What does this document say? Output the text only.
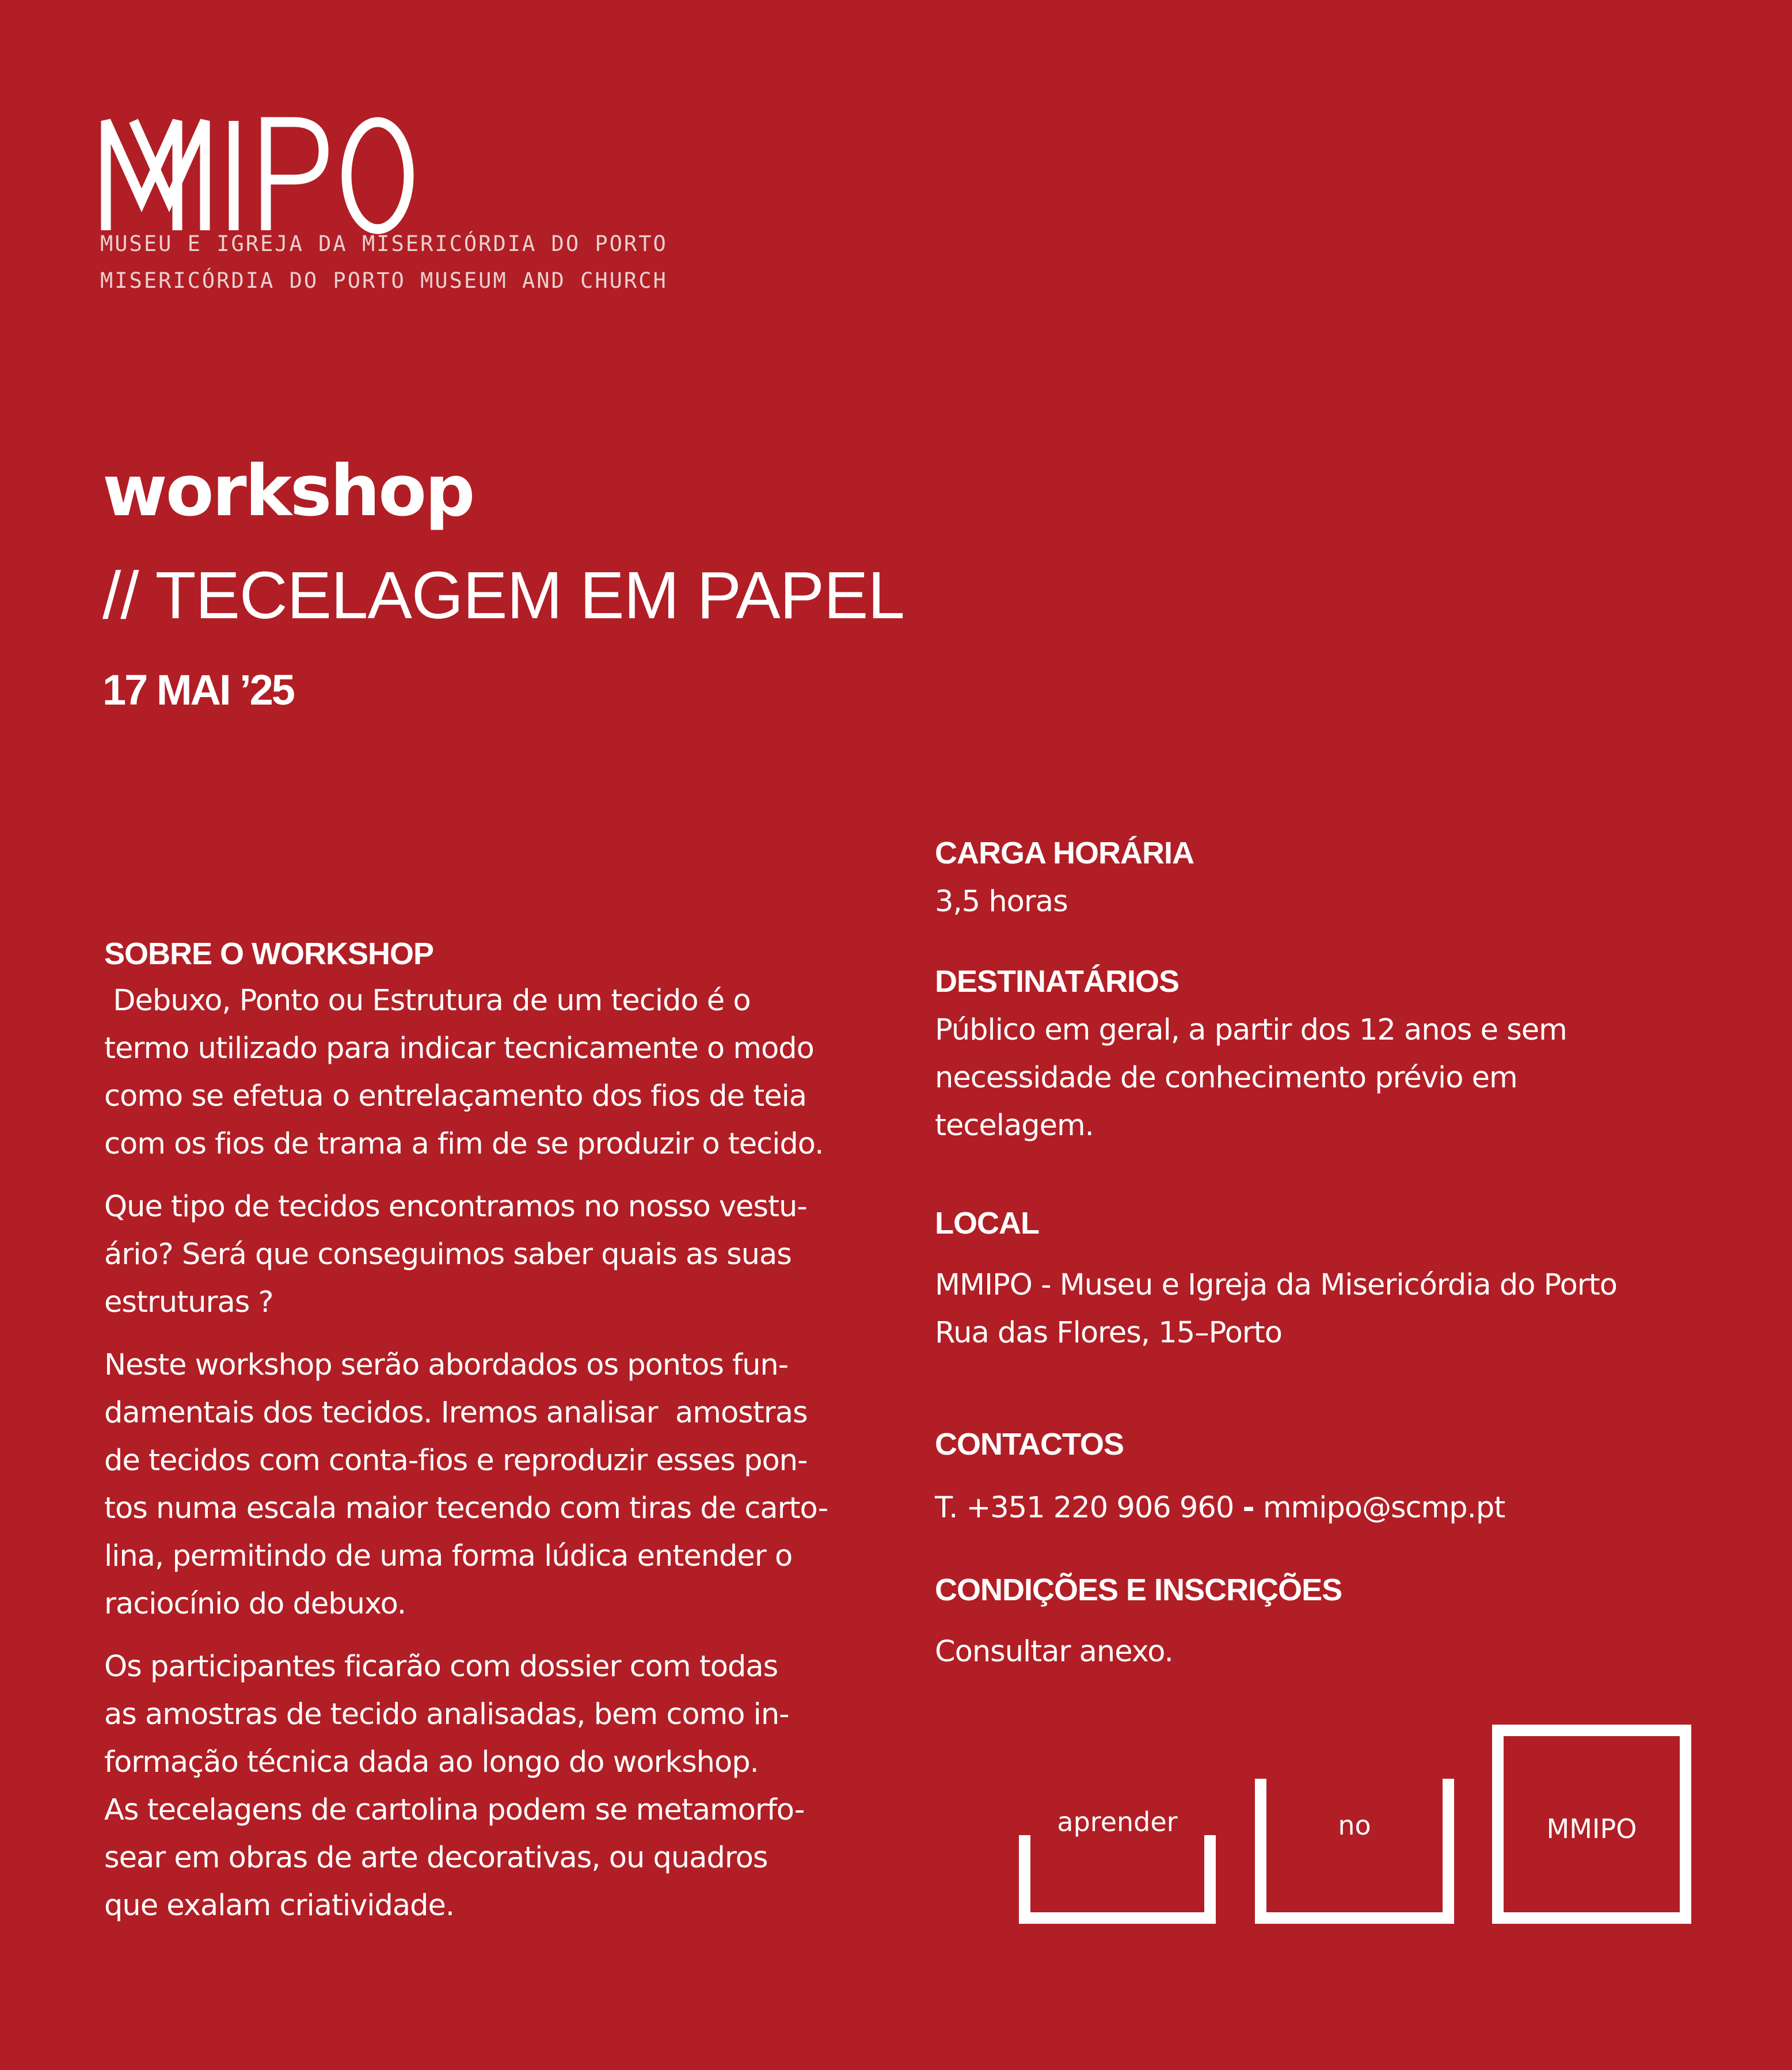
MUSEU E IGREJA DA MISERICÓRDIA DO PORTO
MISERICÓRDIA DO PORTO MUSEUM AND CHURCH
workshop
// TECELAGEM EM PAPEL
17 MAI ’25
SOBRE O WORKSHOP
Debuxo, Ponto ou Estrutura de um tecido é o
termo utilizado para indicar tecnicamente o modo
como se efetua o entrelaçamento dos fios de teia
com os fios de trama a fim de se produzir o tecido.
Que tipo de tecidos encontramos no nosso vestu-
ário? Será que conseguimos saber quais as suas
estruturas ?
Neste workshop serão abordados os pontos fun-
damentais dos tecidos. Iremos analisar  amostras
de tecidos com conta-fios e reproduzir esses pon-
tos numa escala maior tecendo com tiras de carto-
lina, permitindo de uma forma lúdica entender o
raciocínio do debuxo.
Os participantes ficarão com dossier com todas
as amostras de tecido analisadas, bem como in-
formação técnica dada ao longo do workshop.
As tecelagens de cartolina podem se metamorfo-
sear em obras de arte decorativas, ou quadros
que exalam criatividade.
CARGA HORÁRIA
3,5 horas
DESTINATÁRIOS
Público em geral, a partir dos 12 anos e sem
necessidade de conhecimento prévio em
tecelagem.
LOCAL
MMIPO - Museu e Igreja da Misericórdia do Porto
Rua das Flores, 15–Porto
CONTACTOS
T. +351 220 906 960 - mmipo@scmp.pt
CONDIÇÕES E INSCRIÇÕES
Consultar anexo.
aprender	no	MMIPO
